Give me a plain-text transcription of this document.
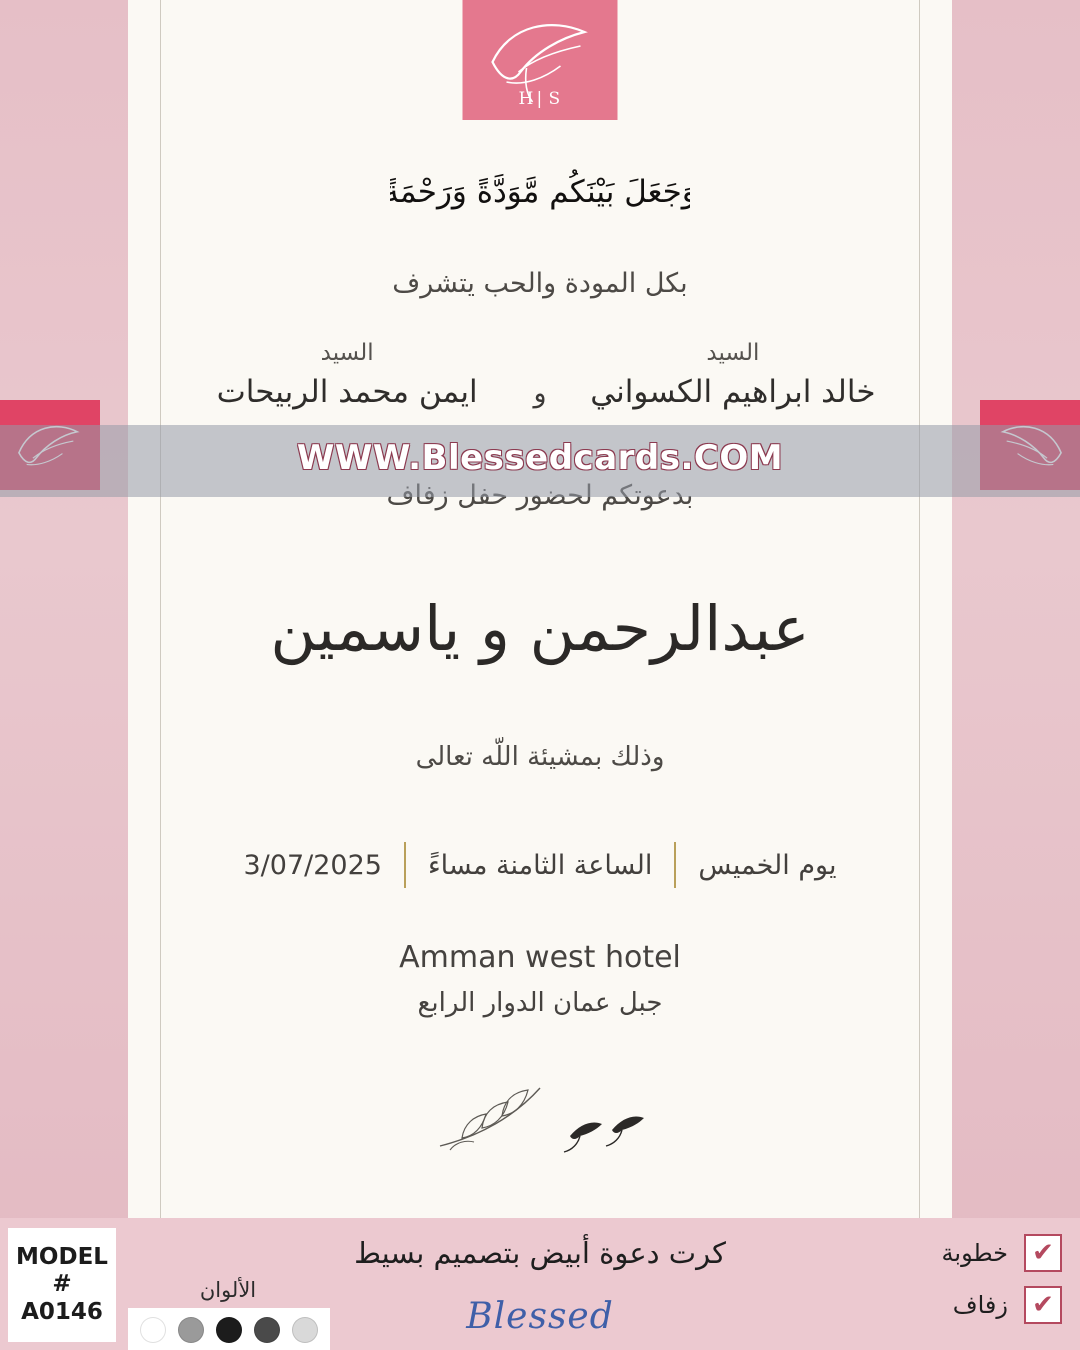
H | S
وَجَعَلَ بَيْنَكُم مَّوَدَّةً وَرَحْمَةً
بكل المودة والحب يتشرف
السيد
ايمن محمد الربيحات	و
السيد
خالد ابراهيم الكسواني
عبدالرحمن و ياسمين
وذلك بمشيئة اللّه تعالى
يوم الخميس
الساعة الثامنة مساءً
3/07/2025
Amman west hotel
جبل عمان الدوار الرابع
WWW.Blessedcards.COM
MODEL
#
A0146
الألوان
كرت دعوة أبيض بتصميم بسيط
Blessed
خطوبة ✔
زفاف ✔
